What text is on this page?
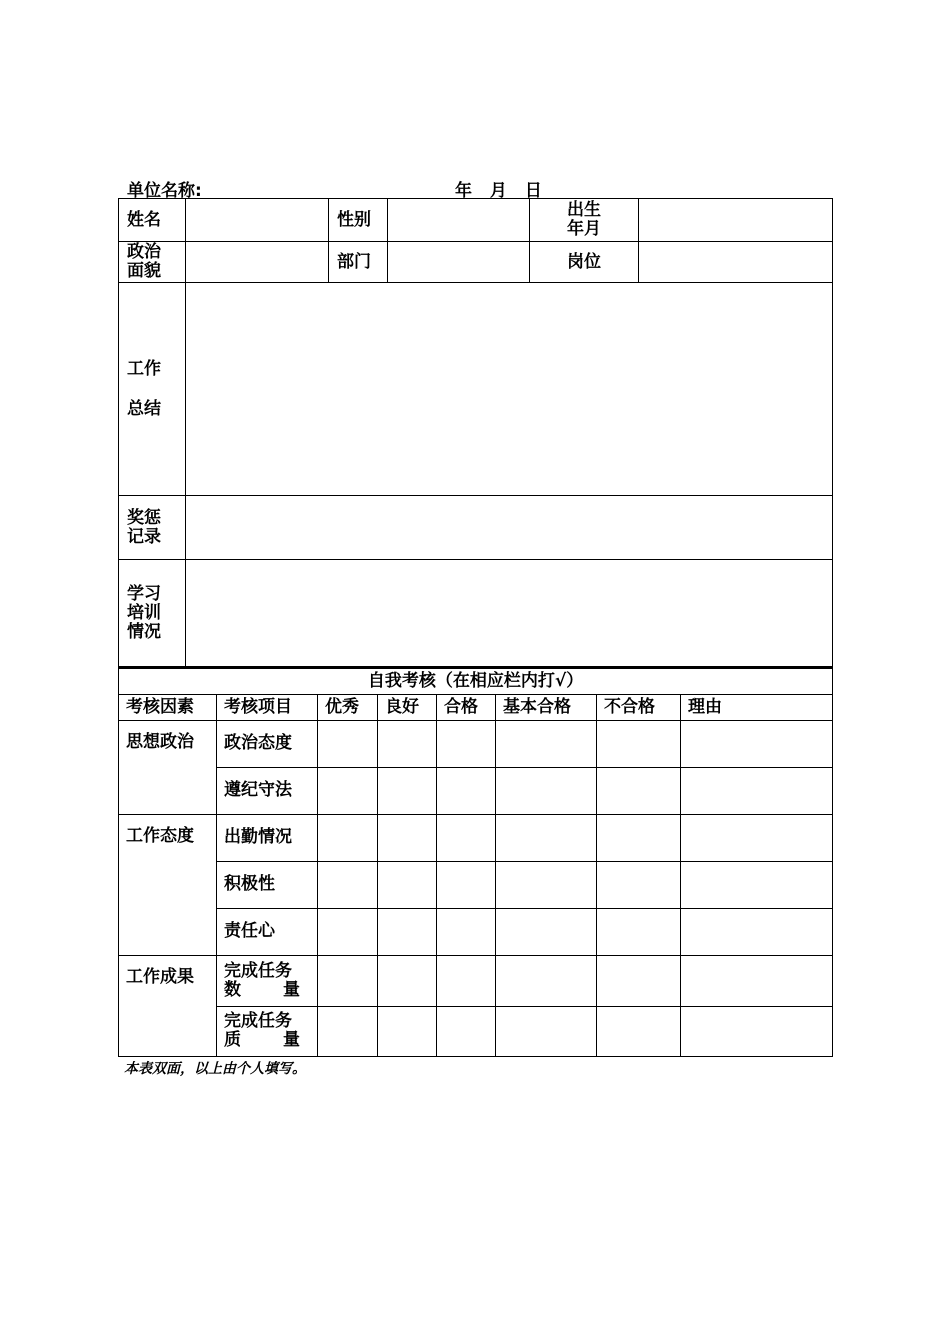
单位名称:	年 月 日
姓名		性别		出生
年月	

政治
面貌		部门		岗位	

工作
总结					

奖惩
记录					

学习
培训
情况					

自我考核（在相应栏内打√）							
考核因素	考核项目	优秀	良好	合格	基本合格	不合格	理由
思想政治	政治态度						
	遵纪守法						
工作态度	出勤情况						
	积极性						
	责任心						
工作成果	完成任务
数 量						

	完成任务
质 量						

本表双面，以上由个人填写。
